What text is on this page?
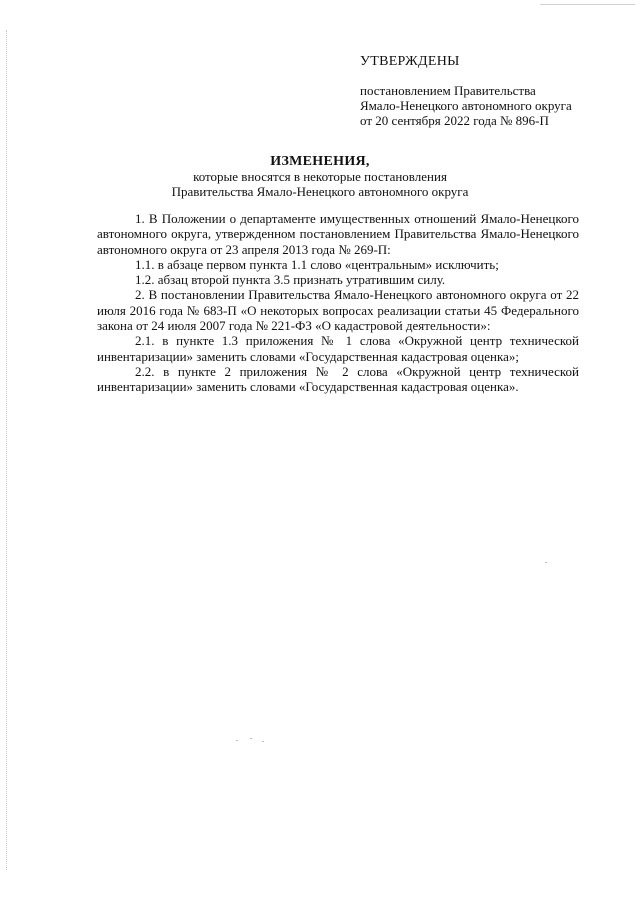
УТВЕРЖДЕНЫ
постановлением Правительства
Ямало-Ненецкого автономного округа
от 20 сентября 2022 года № 896-П
ИЗМЕНЕНИЯ,
которые вносятся в некоторые постановления
Правительства Ямало-Ненецкого автономного округа

1. В Положении о департаменте имущественных отношений Ямало-Ненецкого автономного округа, утвержденном постановлением Правительства Ямало-Ненецкого автономного округа от 23 апреля 2013 года № 269-П:

1.1. в абзаце первом пункта 1.1 слово «центральным» исключить;

1.2. абзац второй пункта 3.5 признать утратившим силу.

2. В постановлении Правительства Ямало-Ненецкого автономного округа от 22 июля 2016 года № 683-П «О некоторых вопросах реализации статьи 45 Федерального закона от 24 июля 2007 года № 221-ФЗ «О кадастровой деятельности»:

2.1. в пункте 1.3 приложения № 1 слова «Окружной центр технической инвентаризации» заменить словами «Государственная кадастровая оценка»;

2.2. в пункте 2 приложения № 2 слова «Окружной центр технической инвентаризации» заменить словами «Государственная кадастровая оценка».
